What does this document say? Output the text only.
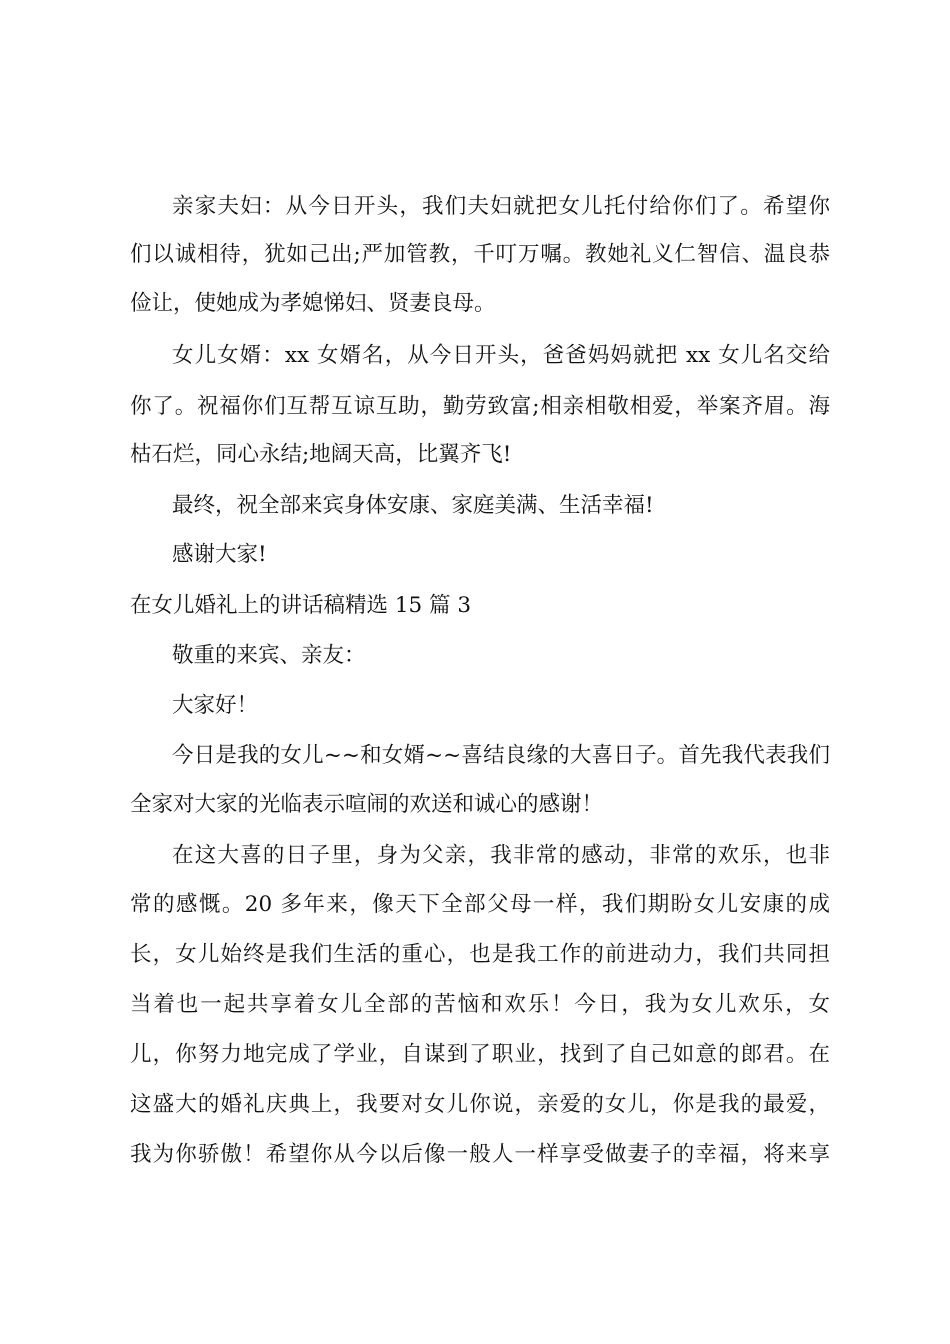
亲家夫妇：从今日开头，我们夫妇就把女儿托付给你们了。希望你
们以诚相待，犹如己出;严加管教，千叮万嘱。教她礼义仁智信、温良恭
俭让，使她成为孝媳悌妇、贤妻良母。
女儿女婿：xx 女婿名，从今日开头，爸爸妈妈就把 xx 女儿名交给
你了。祝福你们互帮互谅互助，勤劳致富;相亲相敬相爱，举案齐眉。海
枯石烂，同心永结;地阔天高，比翼齐飞!
最终，祝全部来宾身体安康、家庭美满、生活幸福!
感谢大家!
在女儿婚礼上的讲话稿精选 15 篇 3
敬重的来宾、亲友：
大家好！
今日是我的女儿~~和女婿~~喜结良缘的大喜日子。首先我代表我们
全家对大家的光临表示喧闹的欢送和诚心的感谢！
在这大喜的日子里，身为父亲，我非常的感动，非常的欢乐，也非
常的感慨。20 多年来，像天下全部父母一样，我们期盼女儿安康的成
长，女儿始终是我们生活的重心，也是我工作的前进动力，我们共同担
当着也一起共享着女儿全部的苦恼和欢乐！今日，我为女儿欢乐，女
儿，你努力地完成了学业，自谋到了职业，找到了自己如意的郎君。在
这盛大的婚礼庆典上，我要对女儿你说，亲爱的女儿，你是我的最爱，
我为你骄傲！希望你从今以后像一般人一样享受做妻子的幸福，将来享
